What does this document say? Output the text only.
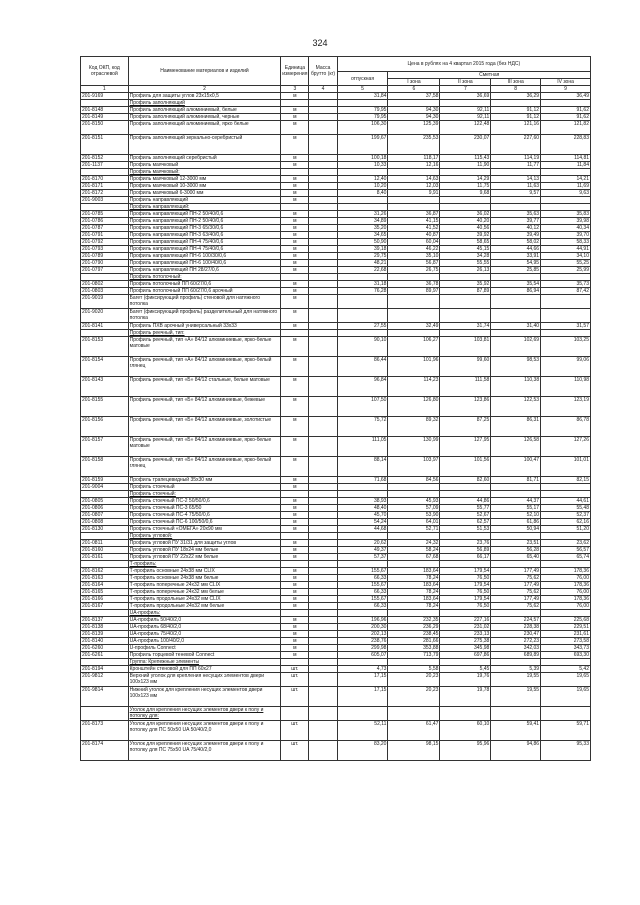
324
Код ОКП, код отраслевой	Наименование материалов и изделий	Единица измерения	Масса брутто (кг)	Цена в рублях на 4 квартал 2015 года (без НДС)				
				отпускная	Сметная			
					I зона	II зона	III зона	IV зона
1	2	3	4	5	6	7	8	9
201-9169	Профиль для защиты углов 23х15х0,5	м		31,84	37,58	36,69	36,29	36,49
	Профиль заполняющий							
201-8148	Профиль заполняющий алюминиевый, белые	м		79,95	94,30	92,11	91,12	91,62
201-8149	Профиль заполняющий алюминиевый, черные	м		79,95	94,30	92,11	91,12	91,62
201-8150	Профиль заполняющий алюминиевый, ярко белые	м		106,30	125,39	122,48	121,16	121,82
201-8151	Профиль заполняющий зеркально-серебристый	м		199,67	235,53	230,07	227,60	228,83
201-8152	Профиль заполняющий серебристый	м		100,18	118,17	115,43	114,19	114,81
201-1137	Профиль маячковый	м		10,33	12,16	11,90	11,77	11,84
	Профиль маячковый:							
201-8170	Профиль маячковый 12-3000 мм	м		12,40	14,63	14,29	14,13	14,21
201-8171	Профиль маячковый 10-3000 мм	м		10,20	12,03	11,75	11,63	11,69
201-8172	Профиль маячковый 6-3000 мм	м		8,40	9,91	9,68	9,57	9,63
201-9003	Профиль направляющий	м						
	Профиль направляющий:							
201-0785	Профиль направляющий ПН-2 50/40/0,6	м		31,26	36,87	36,02	35,63	35,83
201-0786	Профиль направляющий ПН-2 50/40/0,6	м		34,89	41,15	40,20	39,77	39,98
201-0787	Профиль направляющий ПН-3 65/30/0,6	м		35,20	41,52	40,56	40,12	40,34
201-0791	Профиль направляющий ПН-3 63/40/0,6	м		34,65	40,87	39,92	39,49	39,70
201-0792	Профиль направляющий ПН-4 75/40/0,6	м		50,90	60,04	58,65	58,02	58,33
201-0793	Профиль направляющий ПН-4 75/40/0,6	м		39,18	46,22	45,15	44,66	44,91
201-0789	Профиль направляющий ПН-6 100/30/0,6	м		29,75	35,10	34,28	33,91	34,10
201-0790	Профиль направляющий ПН-6 100/40/0,6	м		48,21	56,87	55,55	54,95	55,25
201-0797	Профиль направляющий ПН 28/27/0,6	м		22,68	26,75	26,13	25,85	25,99
	Профиль потолочный:							
201-0802	Профиль потолочный ПП 60/27/0,6	м		31,18	36,78	35,92	35,54	35,73
201-0803	Профиль потолочный ПП 60/27/0,6 арочный	м		76,28	89,97	87,89	86,94	87,42
201-9019	Багет (фиксирующий профиль) стеновой для натяжного потолка	м						
201-9020	Багет (фиксирующий профиль) разделительный для натяжного потолка	м						
201-8141	Профиль ПХВ арочный универсальный 33х33	м		27,55	32,49	31,74	31,40	31,57
	Профиль реечный, тип:							
201-8153	Профиль реечный, тип «А» 84/12 алюминиевые, ярко-белые матовые	м		90,10	106,27	103,81	102,69	103,25
201-8154	Профиль реечный, тип «А» 84/12 алюминиевые, ярко-белый глянец	м		86,44	101,96	99,60	98,53	99,06
201-8143	Профиль реечный, тип «Б» 84/12 стальные, белые матовые	м		96,84	114,23	111,58	110,38	110,98
201-8155	Профиль реечный, тип «Б» 84/12 алюминиевые, бежевые	м		107,50	126,80	123,86	122,53	123,19
201-8156	Профиль реечный, тип «Б» 84/12 алюминиевые, золотистые	м		75,72	89,32	87,25	86,31	86,78
201-8157	Профиль реечный, тип «Б» 84/12 алюминиевые, ярко-белые матовые	м		111,05	130,99	127,95	126,58	127,26
201-8158	Профиль реечный, тип «Б» 84/12 алюминиевые, ярко-белый глянец	м		88,14	103,97	101,56	100,47	101,01
201-8159	Профиль трапецевидный 35х30 мм	м		71,68	84,56	82,60	81,71	82,15
201-9004	Профиль стоечный	м						
	Профиль стоечный:							
201-0805	Профиль стоечный ПС-2 50/50/0,6	м		38,93	45,93	44,86	44,37	44,61
201-0806	Профиль стоечный ПС-3 65/50	м		48,40	57,09	55,77	55,17	55,48
201-0807	Профиль стоечный ПС-4 75/50/0,6	м		45,70	53,90	52,67	52,10	52,37
201-0808	Профиль стоечный ПС-6 100/50/0,6	м		54,24	64,01	62,57	61,86	62,16
201-8130	Профиль стоечный «ОМЕГА» 20х90 мм	м		44,68	52,71	51,53	50,94	51,20
	Профиль угловой:							
201-0811	Профиль угловой ПУ 31/31 для защиты углов	м		20,62	24,32	23,76	23,51	23,62
201-8160	Профиль угловой ПУ 18х24 мм белые	м		49,37	58,24	56,89	56,28	56,57
201-8161	Профиль угловой ПУ 22х22 мм белые	м		57,37	67,68	66,17	65,40	65,74
	Т-профиль:							
201-8162	Т-профиль основные 24х38 мм CLIX	м		155,67	183,64	179,54	177,49	178,36
201-8163	Т-профиль основные 24х38 мм белые	м		66,33	78,24	76,50	75,62	76,00
201-8164	Т-профиль поперечные 24х32 мм CLIX	м		155,67	183,64	179,54	177,49	178,36
201-8165	Т-профиль поперечные 24х32 мм белые	м		66,33	78,24	76,50	75,62	76,00
201-8166	Т-профиль продольные 24х32 мм CLIX	м		155,67	183,64	179,54	177,49	178,36
201-8167	Т-профиль продольные 24х32 мм белые	м		66,33	78,24	76,50	75,62	76,00
	UA-профиль:							
201-8137	UA-профиль 50/40/2,0	м		196,96	232,35	227,16	224,57	225,68
201-8138	UA-профиль 68/40/2,0	м		200,30	236,29	231,02	228,38	229,51
201-8139	UA-профиль 75/40/2,0	м		202,13	238,45	233,13	230,47	231,61
201-8140	UA-профиль 100/40/2,0	м		238,76	281,66	275,38	272,23	273,58
201-6260	U-профиль Connect	м		299,98	353,88	345,98	342,03	343,73
201-6261	Профиль торцевой теневой Connect	м		605,07	713,79	697,86	689,89	693,30
	Группа: Крепежные элементы							
201-8194	Кронштейн стеновой для ПП 60х27	шт.		4,73	5,58	5,45	5,39	5,42
201-9812	Верхний уголок для крепления несущих элементов двери 100х123 мм	шт.		17,15	20,23	19,76	19,55	19,65
201-9814	Нижний уголок для крепления несущих элементов двери 100х123 мм	шт.		17,15	20,23	19,78	19,55	19,65
	Уголок для крепления несущих элементов двери к полу и потолку для:							
201-8173	Уголок для крепления несущих элементов двери к полу и потолку для ПС 50х50 UA 50/40/2,0	шт.		52,11	61,47	60,10	59,41	59,71
201-8174	Уголок для крепления несущих элементов двери к полу и потолку для ПС 75х50 UA 75/40/2,0	шт.		83,20	98,15	95,96	94,86	95,33
